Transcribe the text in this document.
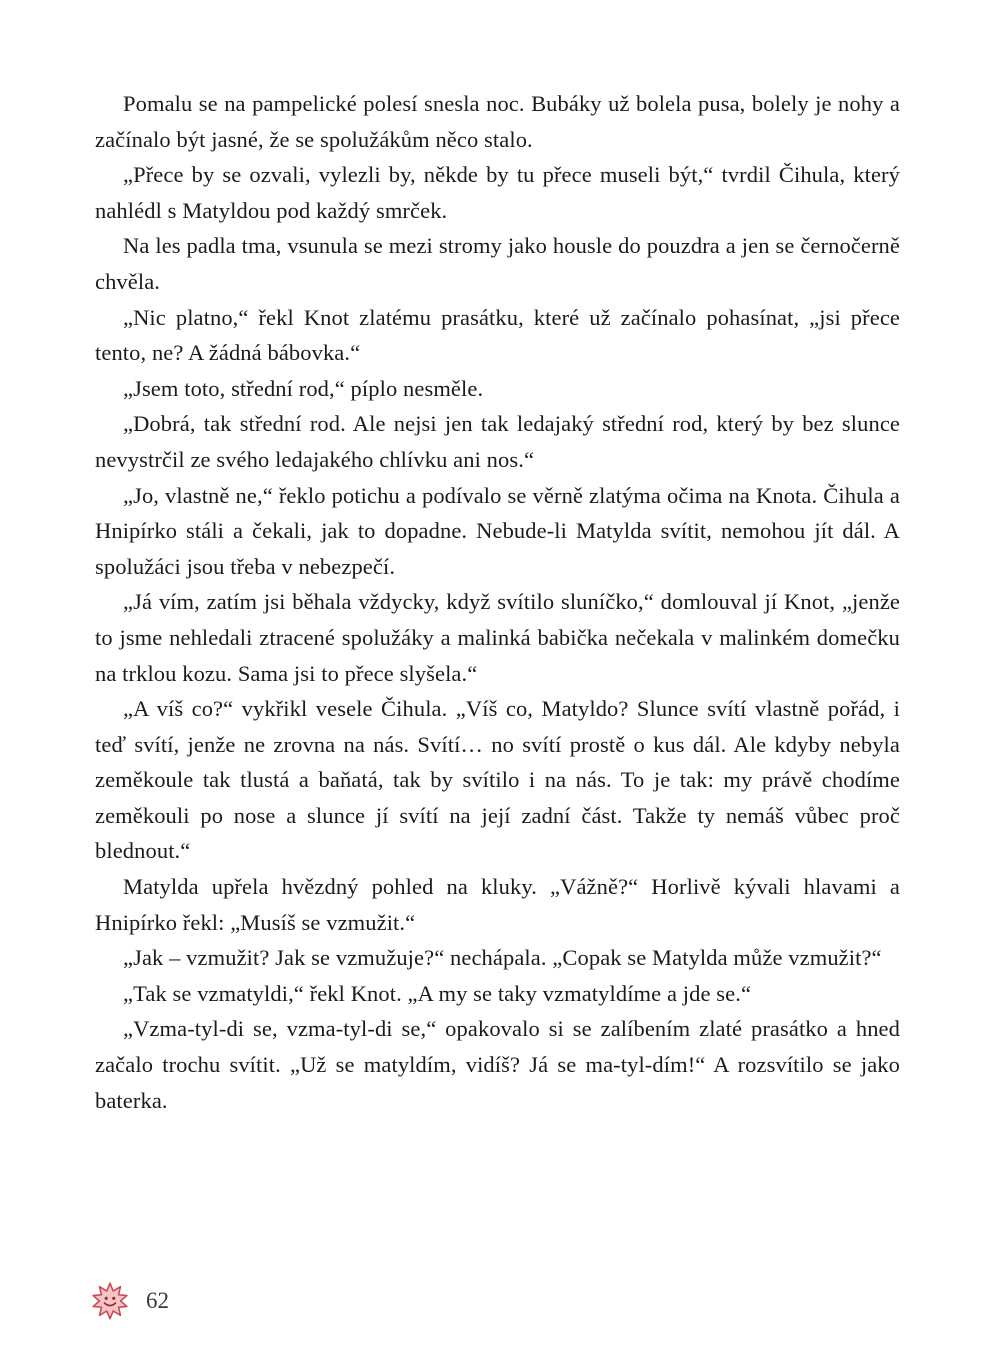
Pomalu se na pampelické polesí snesla noc. Bubáky už bolela pusa, bolely je nohy a začínalo být jasné, že se spolužákům něco stalo.

„Přece by se ozvali, vylezli by, někde by tu přece museli být,“ tvrdil Čihula, který nahlédl s Matyldou pod každý smrček.

Na les padla tma, vsunula se mezi stromy jako housle do pouzdra a jen se černočerně chvěla.

„Nic platno,“ řekl Knot zlatému prasátku, které už začínalo pohasínat, „jsi přece tento, ne? A žádná bábovka.“

„Jsem toto, střední rod,“ píplo nesměle.

„Dobrá, tak střední rod. Ale nejsi jen tak ledajaký střední rod, který by bez slunce nevystrčil ze svého ledajakého chlívku ani nos.“

„Jo, vlastně ne,“ řeklo potichu a podívalo se věrně zlatýma očima na Knota. Čihula a Hnipírko stáli a čekali, jak to dopadne. Nebude-li Matylda svítit, nemohou jít dál. A spolužáci jsou třeba v nebezpečí.

„Já vím, zatím jsi běhala vždycky, když svítilo sluníčko,“ domlouval jí Knot, „jenže to jsme nehledali ztracené spolužáky a malinká babička nečekala v malinkém domečku na trklou kozu. Sama jsi to přece slyšela.“

„A víš co?“ vykřikl vesele Čihula. „Víš co, Matyldo? Slunce svítí vlastně pořád, i teď svítí, jenže ne zrovna na nás. Svítí… no svítí prostě o kus dál. Ale kdyby nebyla zeměkoule tak tlustá a baňatá, tak by svítilo i na nás. To je tak: my právě chodíme zeměkouli po nose a slunce jí svítí na její zadní část. Takže ty nemáš vůbec proč blednout.“

Matylda upřela hvězdný pohled na kluky. „Vážně?“ Horlivě kývali hlavami a Hnipírko řekl: „Musíš se vzmužit.“

„Jak – vzmužit? Jak se vzmužuje?“ nechápala. „Copak se Matylda může vzmužit?“

„Tak se vzmatyldi,“ řekl Knot. „A my se taky vzmatyldíme a jde se.“

„Vzma-tyl-di se, vzma-tyl-di se,“ opakovalo si se zalíbením zlaté prasátko a hned začalo trochu svítit. „Už se matyldím, vidíš? Já se ma-tyl-dím!“ A rozsvítilo se jako baterka.

62
